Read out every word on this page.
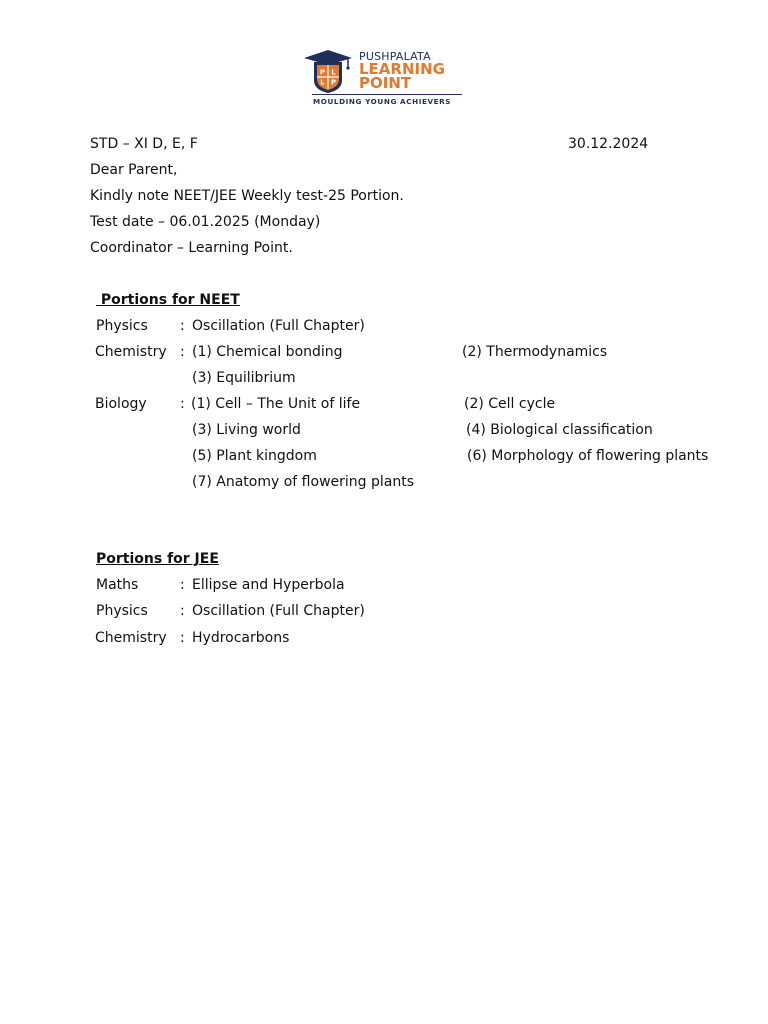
P L
L P
PUSHPALATA
LEARNING
POINT
MOULDING YOUNG ACHIEVERS
STD – XI D, E, F	30.12.2024
Dear Parent,
Kindly note NEET/JEE Weekly test-25 Portion.
Test date – 06.01.2025 (Monday)
Coordinator – Learning Point.
Portions for NEET
Physics : Oscillation (Full Chapter)
Chemistry : (1) Chemical bonding	(2) Thermodynamics
(3) Equilibrium
Biology : (1) Cell – The Unit of life	(2) Cell cycle
(3) Living world	(4) Biological classification
(5) Plant kingdom	(6) Morphology of flowering plants
(7) Anatomy of flowering plants
Portions for JEE
Maths	: Ellipse and Hyperbola
Physics : Oscillation (Full Chapter)
Chemistry : Hydrocarbons
